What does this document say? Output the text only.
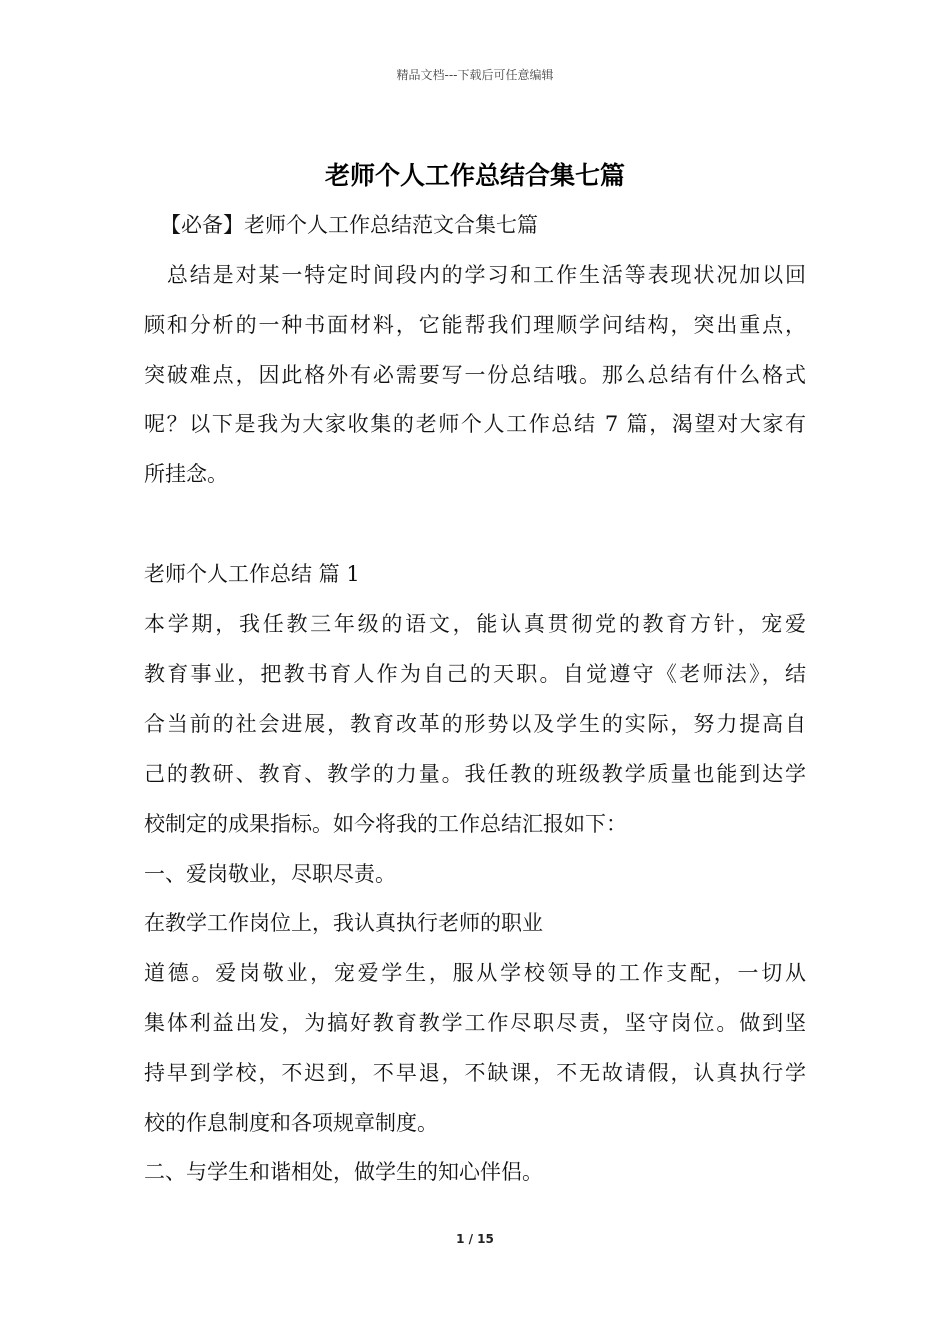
精品文档---下载后可任意编辑
老师个人工作总结合集七篇
【必备】老师个人工作总结范文合集七篇
　总结是对某一特定时间段内的学习和工作生活等表现状况加以回
顾和分析的一种书面材料，它能帮我们理顺学问结构，突出重点，
突破难点，因此格外有必需要写一份总结哦。那么总结有什么格式
呢？以下是我为大家收集的老师个人工作总结 7 篇，渴望对大家有
所挂念。
老师个人工作总结 篇 1
本学期，我任教三年级的语文，能认真贯彻党的教育方针，宠爱
教育事业，把教书育人作为自己的天职。自觉遵守《老师法》，结
合当前的社会进展，教育改革的形势以及学生的实际，努力提高自
己的教研、教育、教学的力量。我任教的班级教学质量也能到达学
校制定的成果指标。如今将我的工作总结汇报如下：
一、爱岗敬业，尽职尽责。
在教学工作岗位上，我认真执行老师的职业
道德。爱岗敬业，宠爱学生，服从学校领导的工作支配，一切从
集体利益出发，为搞好教育教学工作尽职尽责，坚守岗位。做到坚
持早到学校，不迟到，不早退，不缺课，不无故请假，认真执行学
校的作息制度和各项规章制度。
二、与学生和谐相处，做学生的知心伴侣。
1 / 15
